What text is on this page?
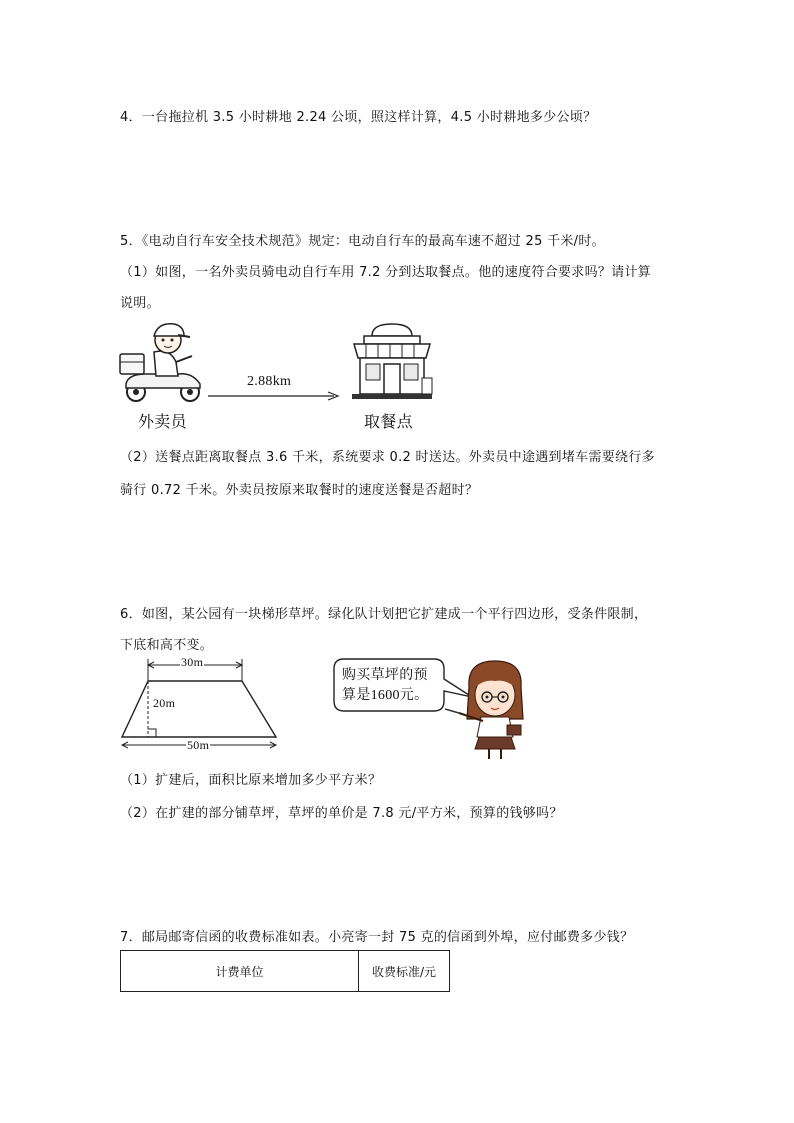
4．一台拖拉机 3.5 小时耕地 2.24 公顷，照这样计算，4.5 小时耕地多少公顷？
5．《电动自行车安全技术规范》规定：电动自行车的最高车速不超过 25 千米/时。
（1）如图，一名外卖员骑电动自行车用 7.2 分到达取餐点。他的速度符合要求吗？请计算
说明。
2.88km
外卖员	取餐点
（2）送餐点距离取餐点 3.6 千米，系统要求 0.2 时送达。外卖员中途遇到堵车需要绕行多
骑行 0.72 千米。外卖员按原来取餐时的速度送餐是否超时？
6．如图，某公园有一块梯形草坪。绿化队计划把它扩建成一个平行四边形，受条件限制，
下底和高不变。
30m
20m
50m
购买草坪的预
算是1600元。
（1）扩建后，面积比原来增加多少平方米？
（2）在扩建的部分铺草坪，草坪的单价是 7.8 元/平方米，预算的钱够吗？
7．邮局邮寄信函的收费标准如表。小亮寄一封 75 克的信函到外埠，应付邮费多少钱？
计费单位	收费标准/元
